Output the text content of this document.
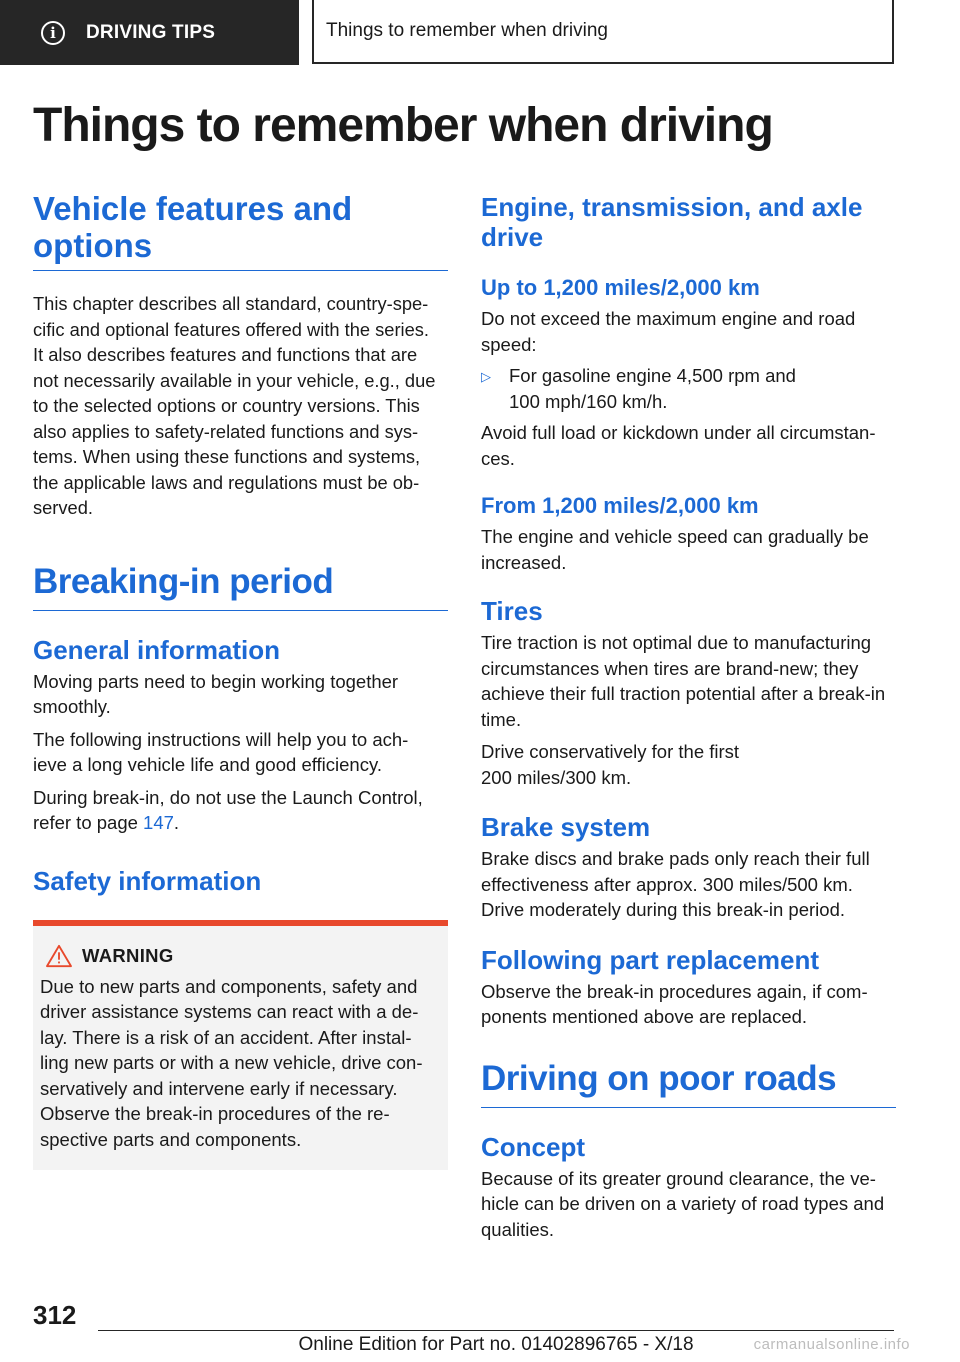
i	DRIVING TIPS	Things to remember when driving
Things to remember when driving
Vehicle features and options

This chapter describes all standard, country-spe-
cific and optional features offered with the series.
It also describes features and functions that are
not necessarily available in your vehicle, e.g., due
to the selected options or country versions. This
also applies to safety-related functions and sys-
tems. When using these functions and systems,
the applicable laws and regulations must be ob-
served.

Breaking-in period
General information

Moving parts need to begin working together
smoothly.

The following instructions will help you to ach-
ieve a long vehicle life and good efficiency.

During break-in, do not use the Launch Control,
refer to page 147.

Safety information
WARNING

Due to new parts and components, safety and
driver assistance systems can react with a de-
lay. There is a risk of an accident. After instal-
ling new parts or with a new vehicle, drive con-
servatively and intervene early if necessary.
Observe the break-in procedures of the re-
spective parts and components.

Engine, transmission, and axle drive
Up to 1,200 miles/2,000 km

Do not exceed the maximum engine and road
speed:

▷ For gasoline engine 4,500 rpm and
100 mph/160 km/h.

Avoid full load or kickdown under all circumstan-
ces.

From 1,200 miles/2,000 km

The engine and vehicle speed can gradually be
increased.

Tires

Tire traction is not optimal due to manufacturing
circumstances when tires are brand-new; they
achieve their full traction potential after a break-in
time.

Drive conservatively for the first
200 miles/300 km.

Brake system

Brake discs and brake pads only reach their full
effectiveness after approx. 300 miles/500 km.
Drive moderately during this break-in period.

Following part replacement

Observe the break-in procedures again, if com-
ponents mentioned above are replaced.

Driving on poor roads
Concept

Because of its greater ground clearance, the ve-
hicle can be driven on a variety of road types and
qualities.

312
Online Edition for Part no. 01402896765 - X/18	carmanualsonline.info
